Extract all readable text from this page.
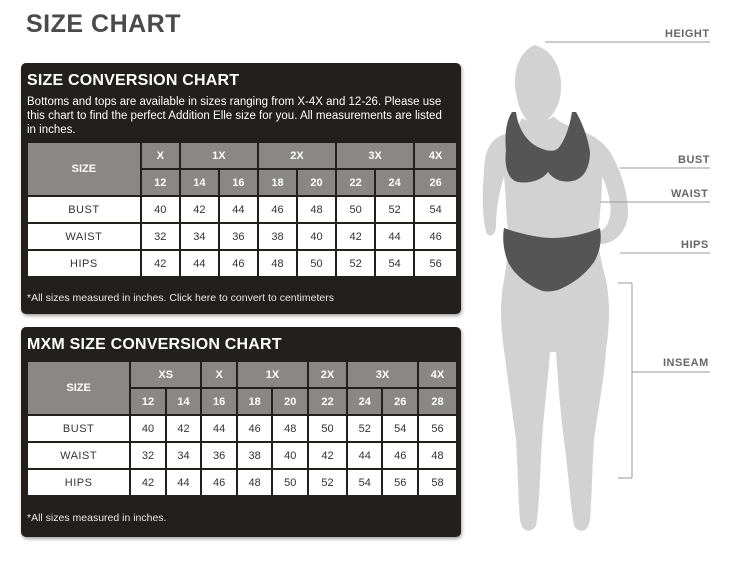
SIZE CHART
SIZE CONVERSION CHART
Bottoms and tops are available in sizes ranging from X-4X and 12-26. Please use this chart to find the perfect Addition Elle size for you. All measurements are listed in inches.
SIZE	X	1X		2X		3X		4X
	12	14	16	18	20	22	24	26
BUST	40	42	44	46	48	50	52	54
WAIST	32	34	36	38	40	42	44	46
HIPS	42	44	46	48	50	52	54	56
*All sizes measured in inches. Click here to convert to centimeters
MXM SIZE CONVERSION CHART
SIZE	XS		X	1X		2X	3X		4X
	12	14	16	18	20	22	24	26	28
BUST	40	42	44	46	48	50	52	54	56
WAIST	32	34	36	38	40	42	44	46	48
HIPS	42	44	46	48	50	52	54	56	58
*All sizes measured in inches.
HEIGHT
BUST
WAIST
HIPS
INSEAM
